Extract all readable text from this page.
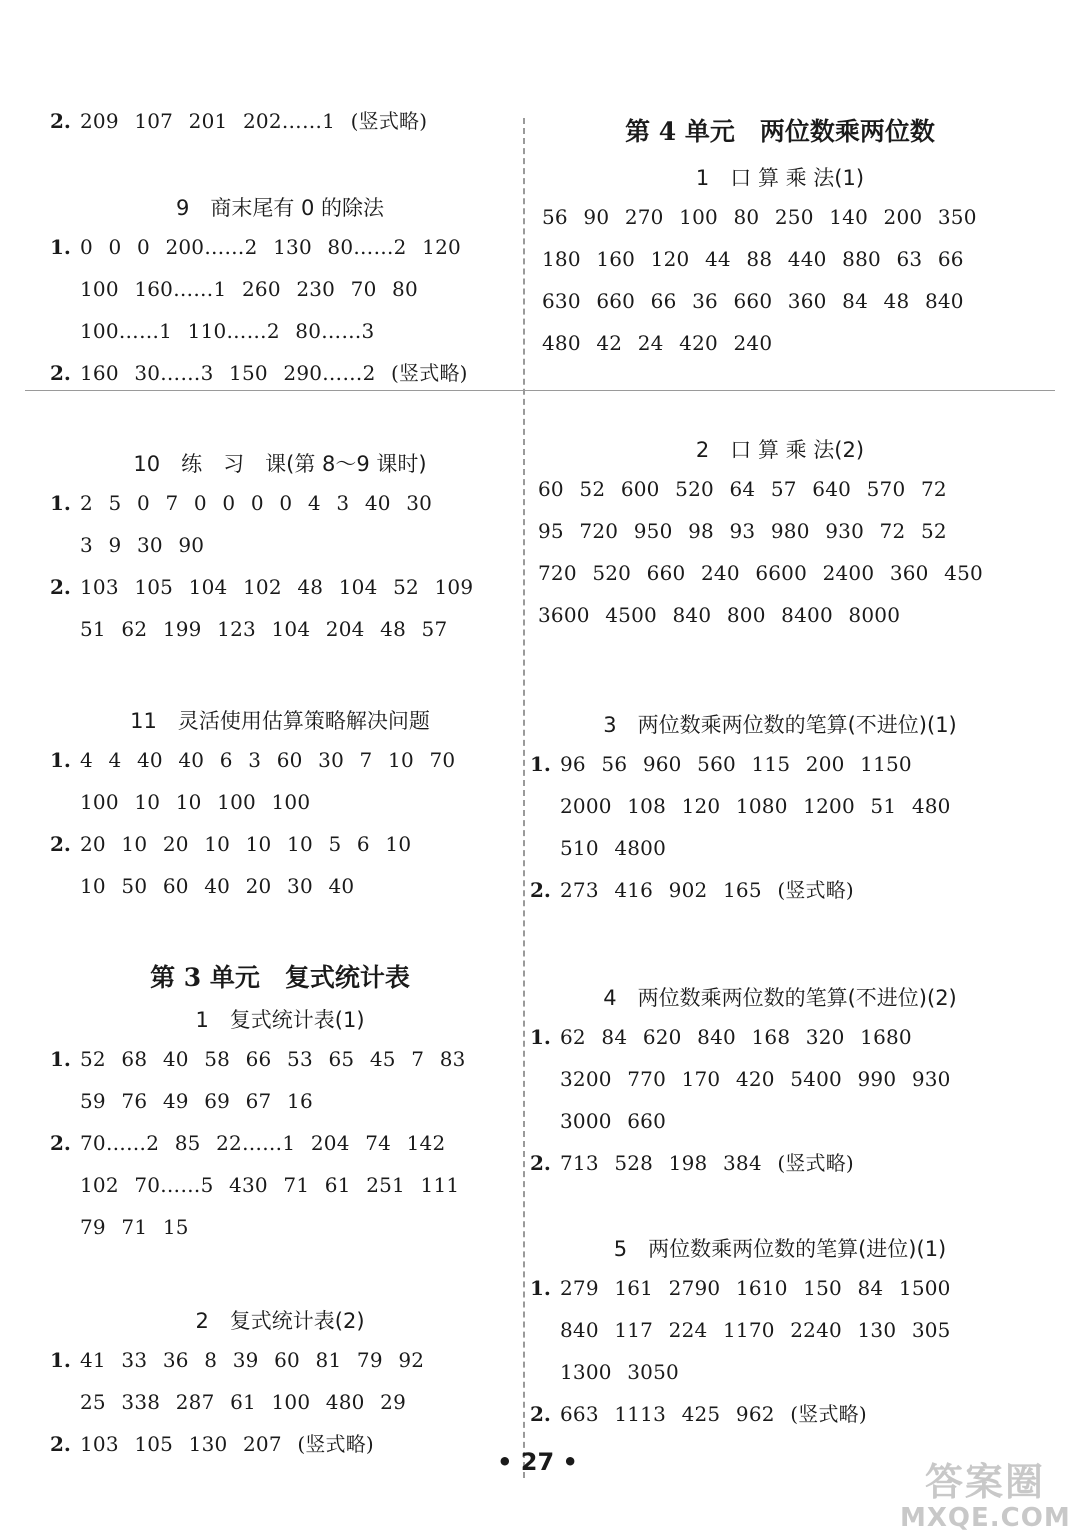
2. 209 107 201 202……1 (竖式略)
9　商末尾有 0 的除法
1. 0 0 0 200……2 130 80……2 120
100 160……1 260 230 70 80
100……1 110……2 80……3
2. 160 30……3 150 290……2 (竖式略)
10　练　习　课(第 8～9 课时)
1. 2 5 0 7 0 0 0 0 4 3 40 30
3 9 30 90
2. 103 105 104 102 48 104 52 109
51 62 199 123 104 204 48 57
11　灵活使用估算策略解决问题
1. 4 4 40 40 6 3 60 30 7 10 70
100 10 10 100 100
2. 20 10 20 10 10 10 5 6 10
10 50 60 40 20 30 40
第 3 单元　复式统计表
1　复式统计表(1)
1. 52 68 40 58 66 53 65 45 7 83
59 76 49 69 67 16
2. 70……2 85 22……1 204 74 142
102 70……5 430 71 61 251 111
79 71 15
2　复式统计表(2)
1. 41 33 36 8 39 60 81 79 92
25 338 287 61 100 480 29
2. 103 105 130 207 (竖式略)
第 4 单元　两位数乘两位数
1　口 算 乘 法(1)
56 90 270 100 80 250 140 200 350
180 160 120 44 88 440 880 63 66
630 660 66 36 660 360 84 48 840
480 42 24 420 240
2　口 算 乘 法(2)
60 52 600 520 64 57 640 570 72
95 720 950 98 93 980 930 72 52
720 520 660 240 6600 2400 360 450
3600 4500 840 800 8400 8000
3　两位数乘两位数的笔算(不进位)(1)
1. 96 56 960 560 115 200 1150
2000 108 120 1080 1200 51 480
510 4800
2. 273 416 902 165 (竖式略)
4　两位数乘两位数的笔算(不进位)(2)
1. 62 84 620 840 168 320 1680
3200 770 170 420 5400 990 930
3000 660
2. 713 528 198 384 (竖式略)
5　两位数乘两位数的笔算(进位)(1)
1. 279 161 2790 1610 150 84 1500
840 117 224 1170 2240 130 305
1300 3050
2. 663 1113 425 962 (竖式略)
• 27 •	答案圈
MXQE.COM
